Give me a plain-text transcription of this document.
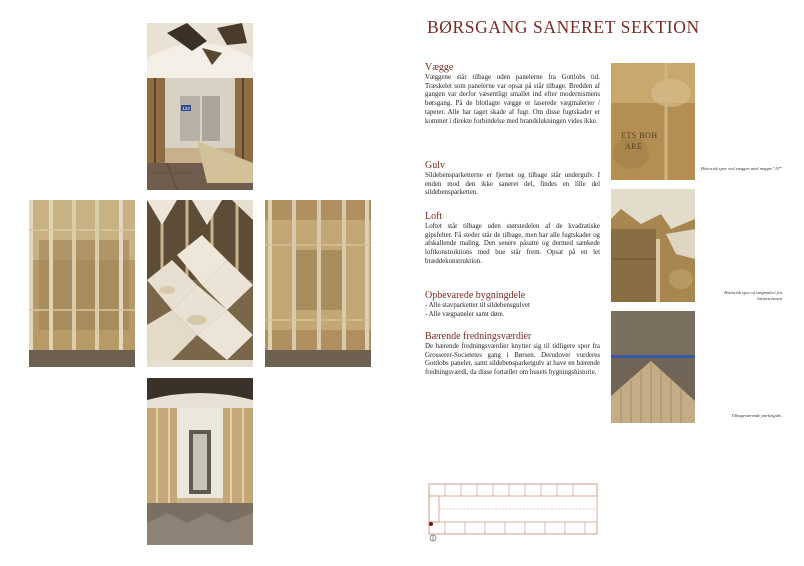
123
BØRSGANG SANERET SEKTION
Vægge

Væggene står tilbage uden panelerne fra Gottlobs tid. Træskelet som panelerne var opsat på står tilbage. Bredden af gangen var derfor væsentligt smallet ind efter modernismens børsgang. På de blotlagte vægge er laserede vægmalerier / tapeter. Alle har taget skade af fugt. Om disse fugtskader er kommet i direkte forbindelse med brandslukningen vides ikke.

Gulv

Sildebensparketterne er fjernet og tilbage står undergulv. I enden mod den ikke saneret del, findes en lille del sildebensparketten.

Loft

Loftet står tilbage uden størstedelen af de kvadratiske gipsfelter. Få steder står de tilbage, men har alle fugtskader og afskallende maling. Den senere påsatte og dermed sænkede loftkonstruktions med bue står frem. Opsat på en let bræddekonstruktion.

Opbevarede bygningdele

- Alle stavparketter til sildebensgulvet

- Alle vægpaneler samt døre.

Bærende fredningsværdier

De bærende fredningsværdier knytter sig til tidligere spor fra Grosserer-Societetes gang i Børsen. Derudover vurderes Gottlobs paneler, samt sildebensparketgulv at have en bærende fredningsværdi, da disse fortæller om husets bygningshistorie.

ETS BOH
ARE
Historisk spor ved væggen med mappe "A7"
Historisk spor af vægmaleri fra historicismen
Tilbageværende parketgulv.
